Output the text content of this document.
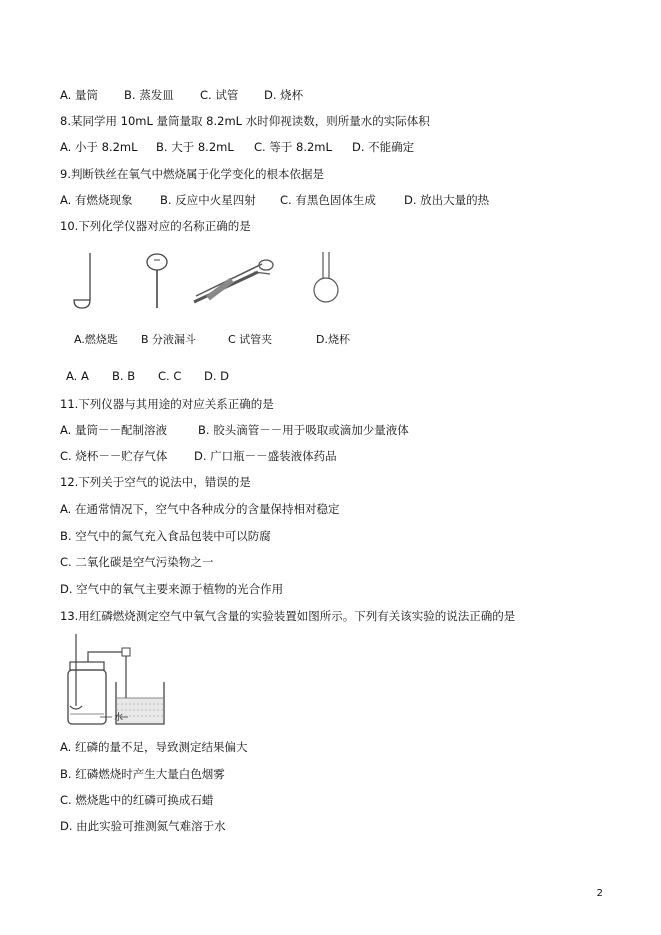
A. 量筒 B. 蒸发皿 C. 试管 D. 烧杯
8.某同学用 10mL 量筒量取 8.2mL 水时仰视读数，则所量水的实际体积
A. 小于 8.2mL B. 大于 8.2mL C. 等于 8.2mL D. 不能确定
9.判断铁丝在氧气中燃烧属于化学变化的根本依据是
A. 有燃烧现象 B. 反应中火星四射 C. 有黑色固体生成 D. 放出大量的热
10.下列化学仪器对应的名称正确的是
A.燃烧匙 B 分液漏斗	C 试管夹	D.烧杯
A. A B. B C. C D. D
11.下列仪器与其用途的对应关系正确的是
A. 量筒－－配制溶液	B. 胶头滴管－－用于吸取或滴加少量液体
C. 烧杯－－贮存气体 D. 广口瓶－－盛装液体药品
12.下列关于空气的说法中，错误的是
A. 在通常情况下，空气中各种成分的含量保持相对稳定
B. 空气中的氮气充入食品包装中可以防腐
C. 二氧化碳是空气污染物之一
D. 空气中的氧气主要来源于植物的光合作用
13.用红磷燃烧测定空气中氧气含量的实验装置如图所示。下列有关该实验的说法正确的是
水
A. 红磷的量不足，导致测定结果偏大
B. 红磷燃烧时产生大量白色烟雾
C. 燃烧匙中的红磷可换成石蜡
D. 由此实验可推测氮气难溶于水
2
